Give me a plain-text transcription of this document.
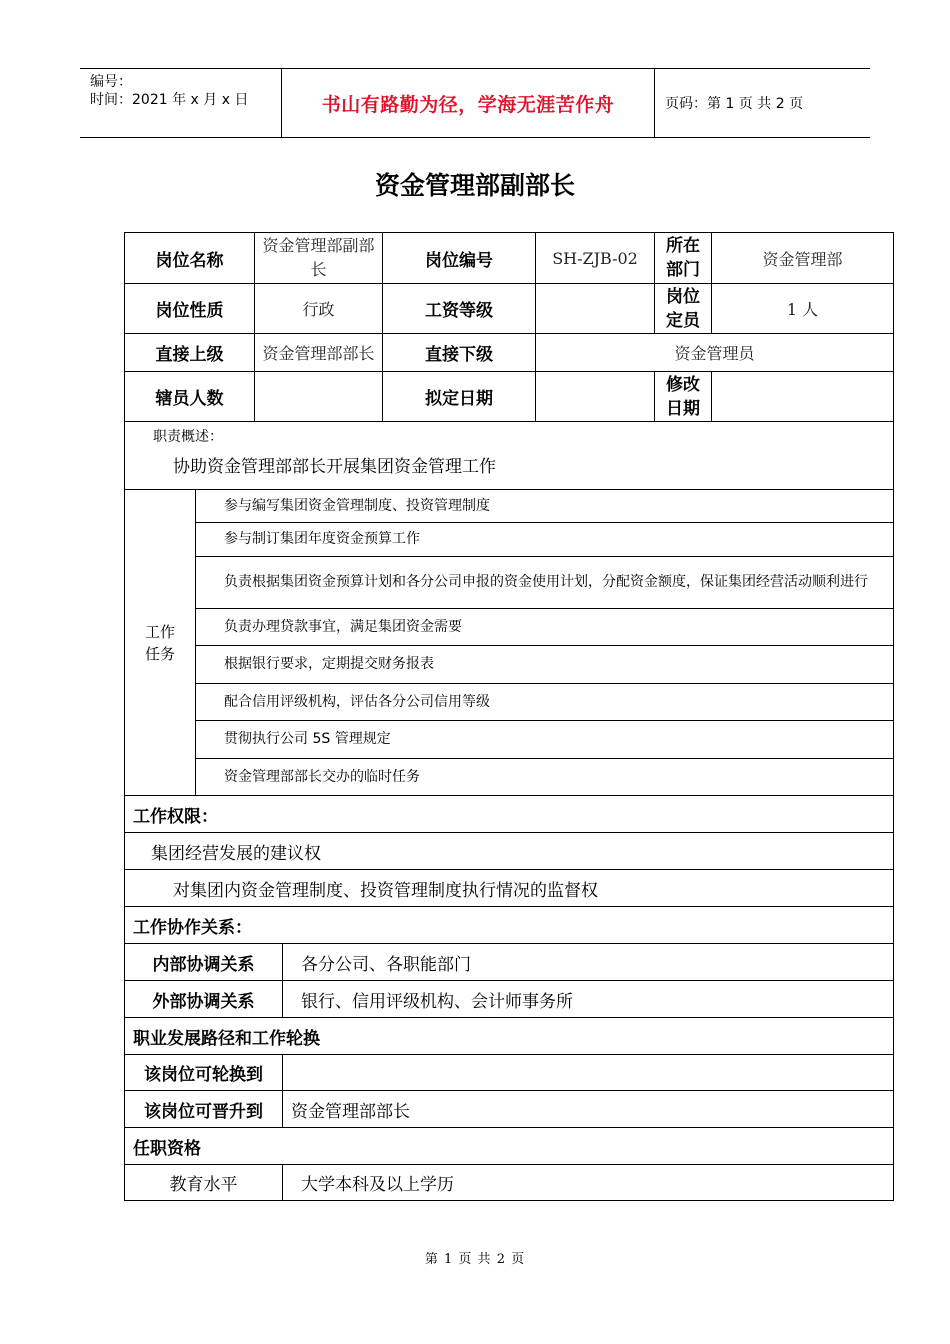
编号：
时间：2021 年 x 月 x 日	书山有路勤为径，学海无涯苦作舟	页码：第 1 页 共 2 页
资金管理部副部长
岗位名称		资金管理部副部长		岗位编号	SH-ZJB-02	所在部门	资金管理部
岗位性质		行政		工资等级		岗位定员	1 人
直接上级		资金管理部部长		直接下级	资金管理员		
辖员人数				拟定日期		修改日期	

职责概述：
协助资金管理部部长开展集团资金管理工作							

工作任务	参与编写集团资金管理制度、投资管理制度						
	参与制订集团年度资金预算工作						
	负责根据集团资金预算计划和各分公司申报的资金使用计划，分配资金额度，保证集团经营活动顺利进行						
	负责办理贷款事宜，满足集团资金需要						
	根据银行要求，定期提交财务报表						
	配合信用评级机构，评估各分公司信用等级						
	贯彻执行公司 5S 管理规定						
	资金管理部部长交办的临时任务						
工作权限：							
集团经营发展的建议权							
对集团内资金管理制度、投资管理制度执行情况的监督权							
工作协作关系：							
内部协调关系			各分公司、各职能部门				
外部协调关系			银行、信用评级机构、会计师事务所				
职业发展路径和工作轮换							
该岗位可轮换到							
该岗位可晋升到			资金管理部部长				
任职资格							
教育水平			大学本科及以上学历				
第 1 页 共 2 页
